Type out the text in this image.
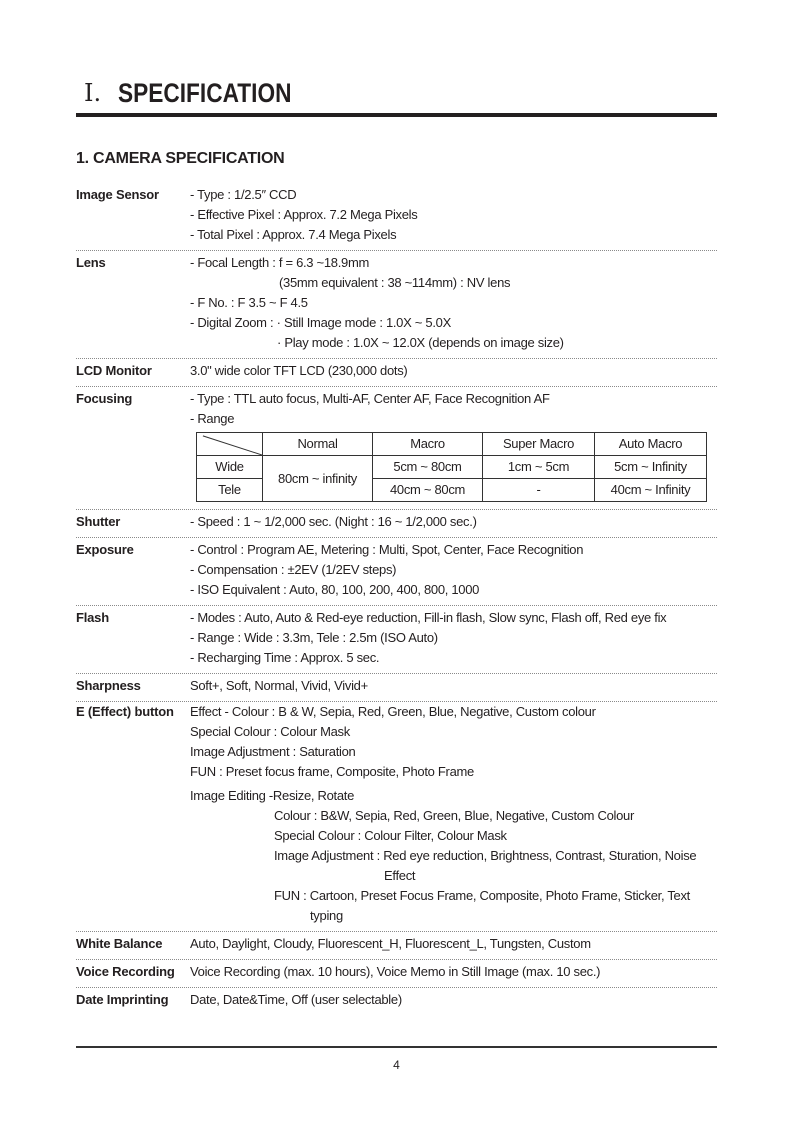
Ⅰ. SPECIFICATION
1. CAMERA SPECIFICATION
Image Sensor	- Type : 1/2.5″ CCD
- Effective Pixel : Approx. 7.2 Mega Pixels
- Total Pixel : Approx. 7.4 Mega Pixels
Lens	- Focal Length : f = 6.3 ~18.9mm
(35mm equivalent : 38 ~114mm) : NV lens
- F No. : F 3.5 ~ F 4.5
- Digital Zoom : · Still Image mode : 1.0X ~ 5.0X
· Play mode : 1.0X ~ 12.0X (depends on image size)
LCD Monitor	3.0" wide color TFT LCD (230,000 dots)
Focusing	- Type : TTL auto focus, Multi-AF, Center AF, Face Recognition AF
- Range
	Normal	Macro	Super Macro	Auto Macro
Wide	80cm ~ infinity	5cm ~ 80cm	1cm ~ 5cm	5cm ~ Infinity
Tele		40cm ~ 80cm	-	40cm ~ Infinity
Shutter	- Speed : 1 ~ 1/2,000 sec. (Night : 16 ~ 1/2,000 sec.)
Exposure	- Control : Program AE, Metering : Multi, Spot, Center, Face Recognition
- Compensation : ±2EV (1/2EV steps)
- ISO Equivalent : Auto, 80, 100, 200, 400, 800, 1000
Flash	- Modes : Auto, Auto & Red-eye reduction, Fill-in flash, Slow sync, Flash off, Red eye fix
- Range : Wide : 3.3m, Tele : 2.5m (ISO Auto)
- Recharging Time : Approx. 5 sec.
Sharpness	Soft+, Soft, Normal, Vivid, Vivid+
E (Effect) button	Effect - Colour : B & W, Sepia, Red, Green, Blue, Negative, Custom colour
Special Colour : Colour Mask
Image Adjustment : Saturation
FUN : Preset focus frame, Composite, Photo Frame
Image Editing -Resize, Rotate
Colour : B&W, Sepia, Red, Green, Blue, Negative, Custom Colour
Special Colour : Colour Filter, Colour Mask
Image Adjustment : Red eye reduction, Brightness, Contrast, Sturation, Noise
Effect
FUN : Cartoon, Preset Focus Frame, Composite, Photo Frame, Sticker, Text
typing
White Balance	Auto, Daylight, Cloudy, Fluorescent_H, Fluorescent_L, Tungsten, Custom
Voice Recording	Voice Recording (max. 10 hours), Voice Memo in Still Image (max. 10 sec.)
Date Imprinting	Date, Date&Time, Off (user selectable)
4
